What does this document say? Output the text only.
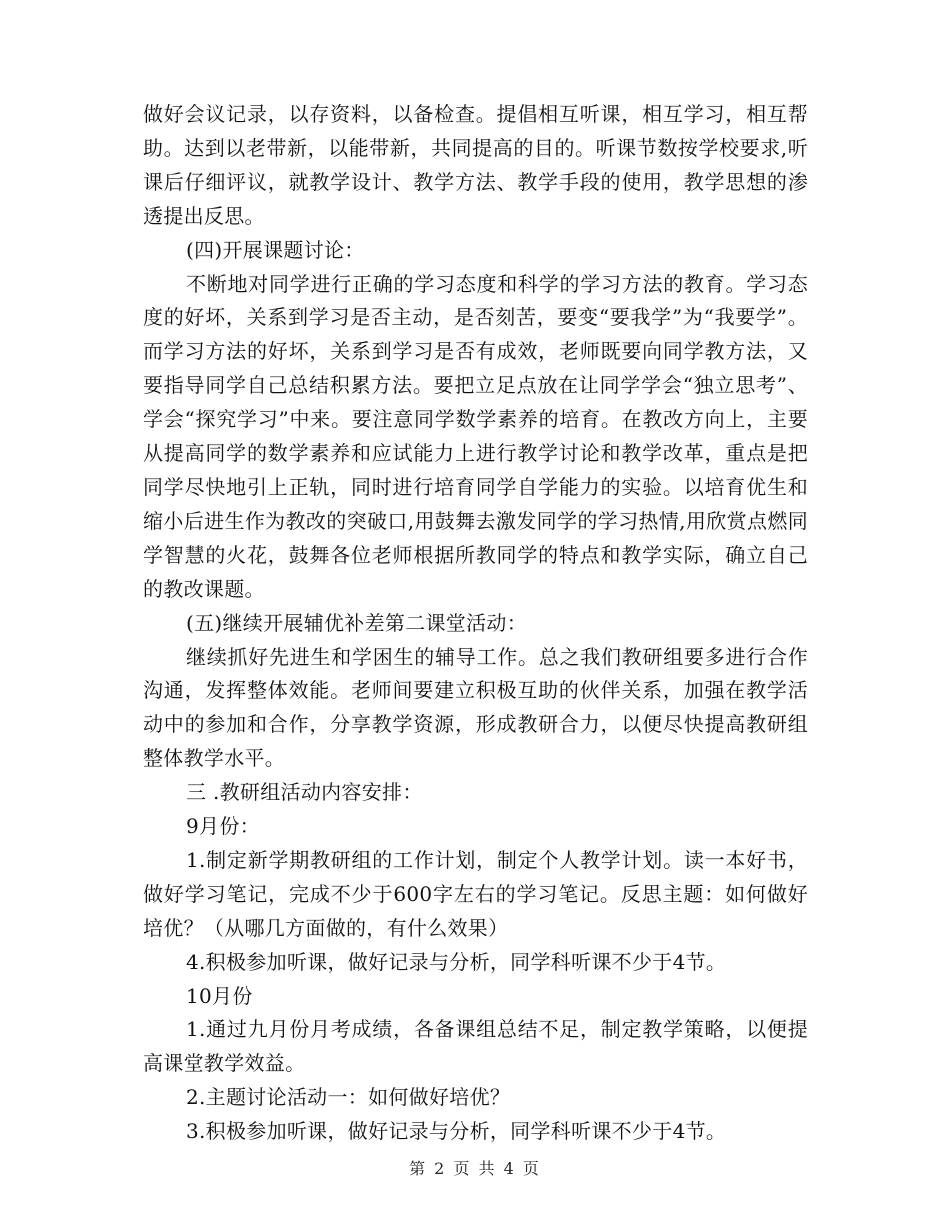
做好会议记录，以存资料，以备检查。提倡相互听课，相互学习，相互帮助。达到以老带新，以能带新，共同提高的目的。听课节数按学校要求,听课后仔细评议，就教学设计、教学方法、教学手段的使用，教学思想的渗透提出反思。

(四)开展课题讨论：

不断地对同学进行正确的学习态度和科学的学习方法的教育。学习态度的好坏，关系到学习是否主动，是否刻苦，要变“要我学”为“我要学”。而学习方法的好坏，关系到学习是否有成效，老师既要向同学教方法，又要指导同学自己总结积累方法。要把立足点放在让同学学会“独立思考”、学会“探究学习”中来。要注意同学数学素养的培育。在教改方向上，主要从提高同学的数学素养和应试能力上进行教学讨论和教学改革，重点是把同学尽快地引上正轨，同时进行培育同学自学能力的实验。以培育优生和缩小后进生作为教改的突破口,用鼓舞去激发同学的学习热情,用欣赏点燃同学智慧的火花，鼓舞各位老师根据所教同学的特点和教学实际，确立自己的教改课题。

(五)继续开展辅优补差第二课堂活动：

继续抓好先进生和学困生的辅导工作。总之我们教研组要多进行合作沟通，发挥整体效能。老师间要建立积极互助的伙伴关系，加强在教学活动中的参加和合作，分享教学资源，形成教研合力，以便尽快提高教研组整体教学水平。

三 .教研组活动内容安排：

9月份：

1.制定新学期教研组的工作计划，制定个人教学计划。读一本好书，做好学习笔记，完成不少于600字左右的学习笔记。反思主题：如何做好培优？（从哪几方面做的，有什么效果）

4.积极参加听课，做好记录与分析，同学科听课不少于4节。

10月份

1.通过九月份月考成绩，各备课组总结不足，制定教学策略，以便提高课堂教学效益。

2.主题讨论活动一：如何做好培优？

3.积极参加听课，做好记录与分析，同学科听课不少于4节。

第 2 页 共 4 页
